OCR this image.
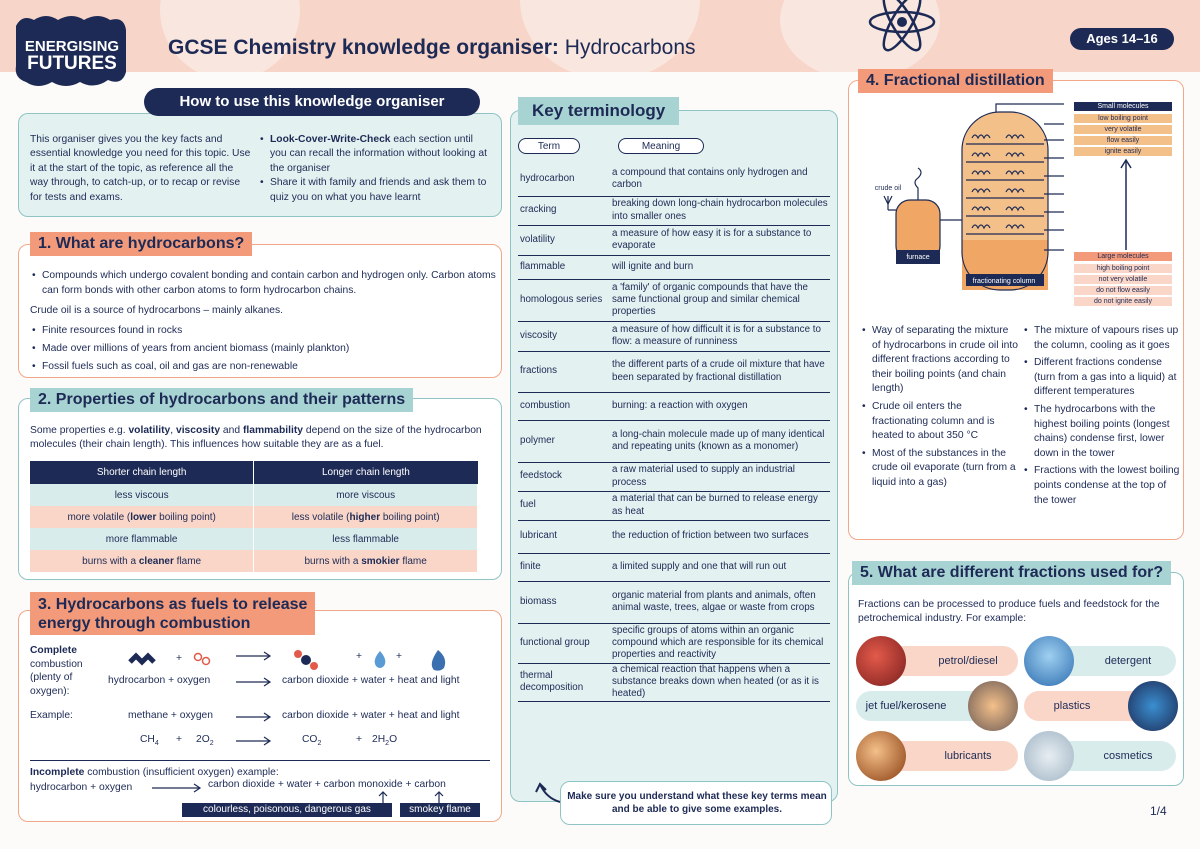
ENERGISING
FUTURES
GCSE Chemistry knowledge organiser: Hydrocarbons	Ages 14–16
How to use this knowledge organiser
This organiser gives you the key facts and essential knowledge you need for this topic. Use it at the start of the topic, as reference all the way through, to catch-up, or to recap or revise for tests and exams.
• Look-Cover-Write-Check each section until you can recall the information without looking at the organiser
• Share it with family and friends and ask them to quiz you on what you have learnt
1. What are hydrocarbons?
• Compounds which undergo covalent bonding and contain carbon and hydrogen only. Carbon atoms can form bonds with other carbon atoms to form hydrocarbon chains.
Crude oil is a source of hydrocarbons – mainly alkanes.
• Finite resources found in rocks
• Made over millions of years from ancient biomass (mainly plankton)
• Fossil fuels such as coal, oil and gas are non-renewable
2. Properties of hydrocarbons and their patterns
Some properties e.g. volatility, viscosity and flammability depend on the size of the hydrocarbon molecules (their chain length). This influences how suitable they are as a fuel.
Shorter chain length	Longer chain length
less viscous	more viscous
more volatile (lower boiling point)	less volatile (higher boiling point)
more flammable	less flammable
burns with a cleaner flame	burns with a smokier flame
3. Hydrocarbons as fuels to release
energy through combustion
Complete
combustion
(plenty of
oxygen):
+	+	+
hydrocarbon + oxygen	carbon dioxide + water + heat and light
Example:	methane + oxygen	carbon dioxide + water + heat and light
$CH_4 + 2O_2$	$CO_2$	+ $2H_2O$
Incomplete combustion (insufficient oxygen) example:
hydrocarbon + oxygen	carbon dioxide + water + carbon monoxide + carbon
colourless, poisonous, dangerous gas	smokey flame
Key terminology
Term	Meaning
hydrocarbon	a compound that contains only hydrogen and carbon
cracking	breaking down long-chain hydrocarbon molecules into smaller ones
volatility	a measure of how easy it is for a substance to evaporate
flammable	will ignite and burn
homologous series	a 'family' of organic compounds that have the same functional group and similar chemical properties
viscosity	a measure of how difficult it is for a substance to flow: a measure of runniness
fractions	the different parts of a crude oil mixture that have been separated by fractional distillation
combustion	burning: a reaction with oxygen
polymer	a long-chain molecule made up of many identical and repeating units (known as a monomer)
feedstock	a raw material used to supply an industrial process
fuel	a material that can be burned to release energy as heat
lubricant	the reduction of friction between two surfaces
finite	a limited supply and one that will run out
biomass	organic material from plants and animals, often animal waste, trees, algae or waste from crops
functional group	specific groups of atoms within an organic compound which are responsible for its chemical properties and reactivity
thermal decomposition	a chemical reaction that happens when a substance breaks down when heated (or as it is heated)
Make sure you understand what these key terms mean and be able to give some examples.
4. Fractional distillation
Small molecules
low boiling point
very volatile
flow easily
ignite easily
Large molecules
high boiling point
not very volatile
do not flow easily
do not ignite easily
crude oil
furnace
fractionating column
• Way of separating the mixture of hydrocarbons in crude oil into different fractions according to their boiling points (and chain length)
• Crude oil enters the fractionating column and is heated to about 350 °C
• Most of the substances in the crude oil evaporate (turn from a liquid into a gas)
• The mixture of vapours rises up the column, cooling as it goes
• Different fractions condense (turn from a gas into a liquid) at different temperatures
• The hydrocarbons with the highest boiling points (longest chains) condense first, lower down in the tower
• Fractions with the lowest boiling points condense at the top of the tower
5. What are different fractions used for?
Fractions can be processed to produce fuels and feedstock for the petrochemical industry. For example:
petrol/diesel	detergent
jet fuel/kerosene	plastics
lubricants	cosmetics
1/4
